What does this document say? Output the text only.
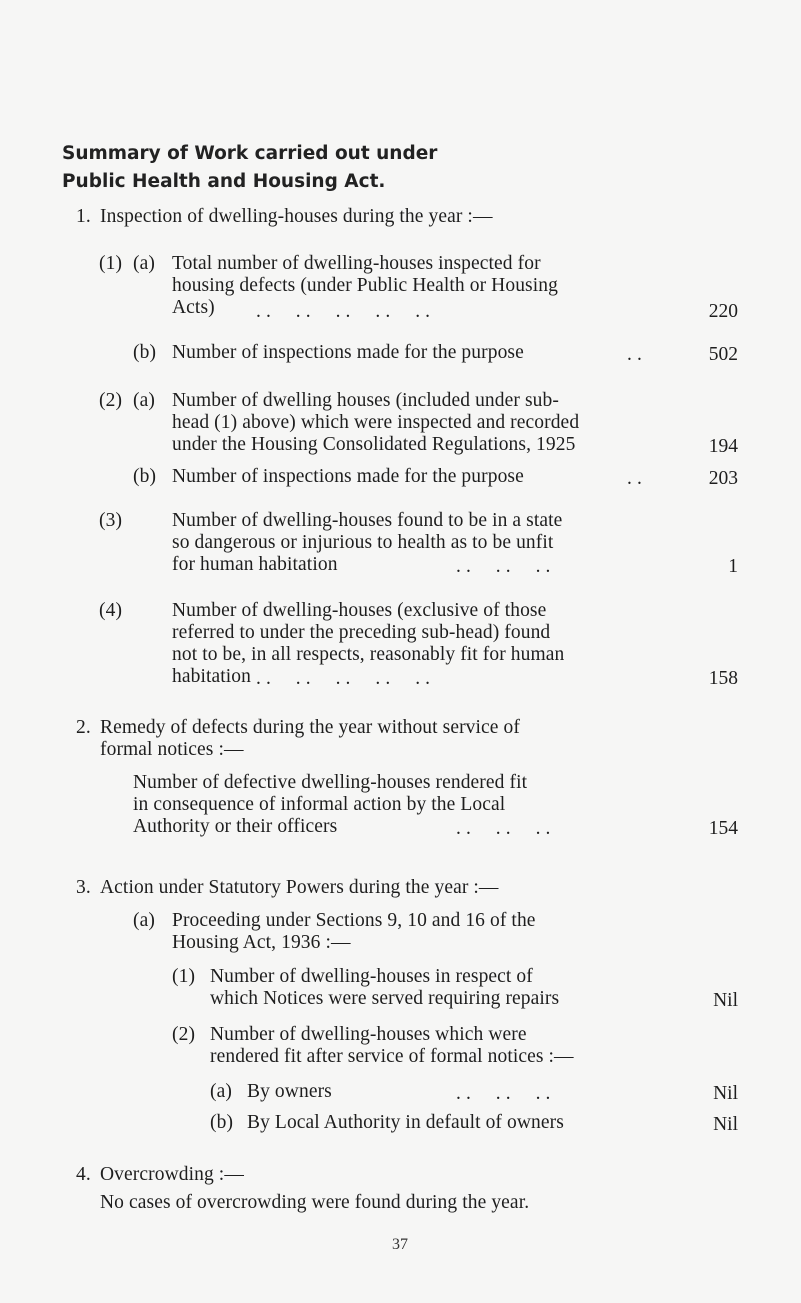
Summary of Work carried out under
Public Health and Housing Act.
1. Inspection of dwelling-houses during the year :—
(1) (a) Total number of dwelling-houses inspected for
housing defects (under Public Health or Housing
Acts) . .     . .     . .     . .     . .	220
(b) Number of inspections made for the purpose	. .	502
(2) (a) Number of dwelling houses (included under sub-
head (1) above) which were inspected and recorded
under the Housing Consolidated Regulations, 1925	194
(b) Number of inspections made for the purpose	. .	203
(3)	Number of dwelling-houses found to be in a state
so dangerous or injurious to health as to be unfit
for human habitation	. .     . .     . .	1
(4)	Number of dwelling-houses (exclusive of those
referred to under the preceding sub-head) found
not to be, in all respects, reasonably fit for human
habitation . .     . .     . .     . .     . .	158
2. Remedy of defects during the year without service of
formal notices :—
Number of defective dwelling-houses rendered fit
in consequence of informal action by the Local
Authority or their officers	. .     . .     . .	154
3. Action under Statutory Powers during the year :—
(a) Proceeding under Sections 9, 10 and 16 of the
Housing Act, 1936 :—
(1) Number of dwelling-houses in respect of
which Notices were served requiring repairs	Nil
(2) Number of dwelling-houses which were
rendered fit after service of formal notices :—
(a) By owners	. .     . .     . .	Nil
(b) By Local Authority in default of owners	Nil
4. Overcrowding :—
No cases of overcrowding were found during the year.
37
